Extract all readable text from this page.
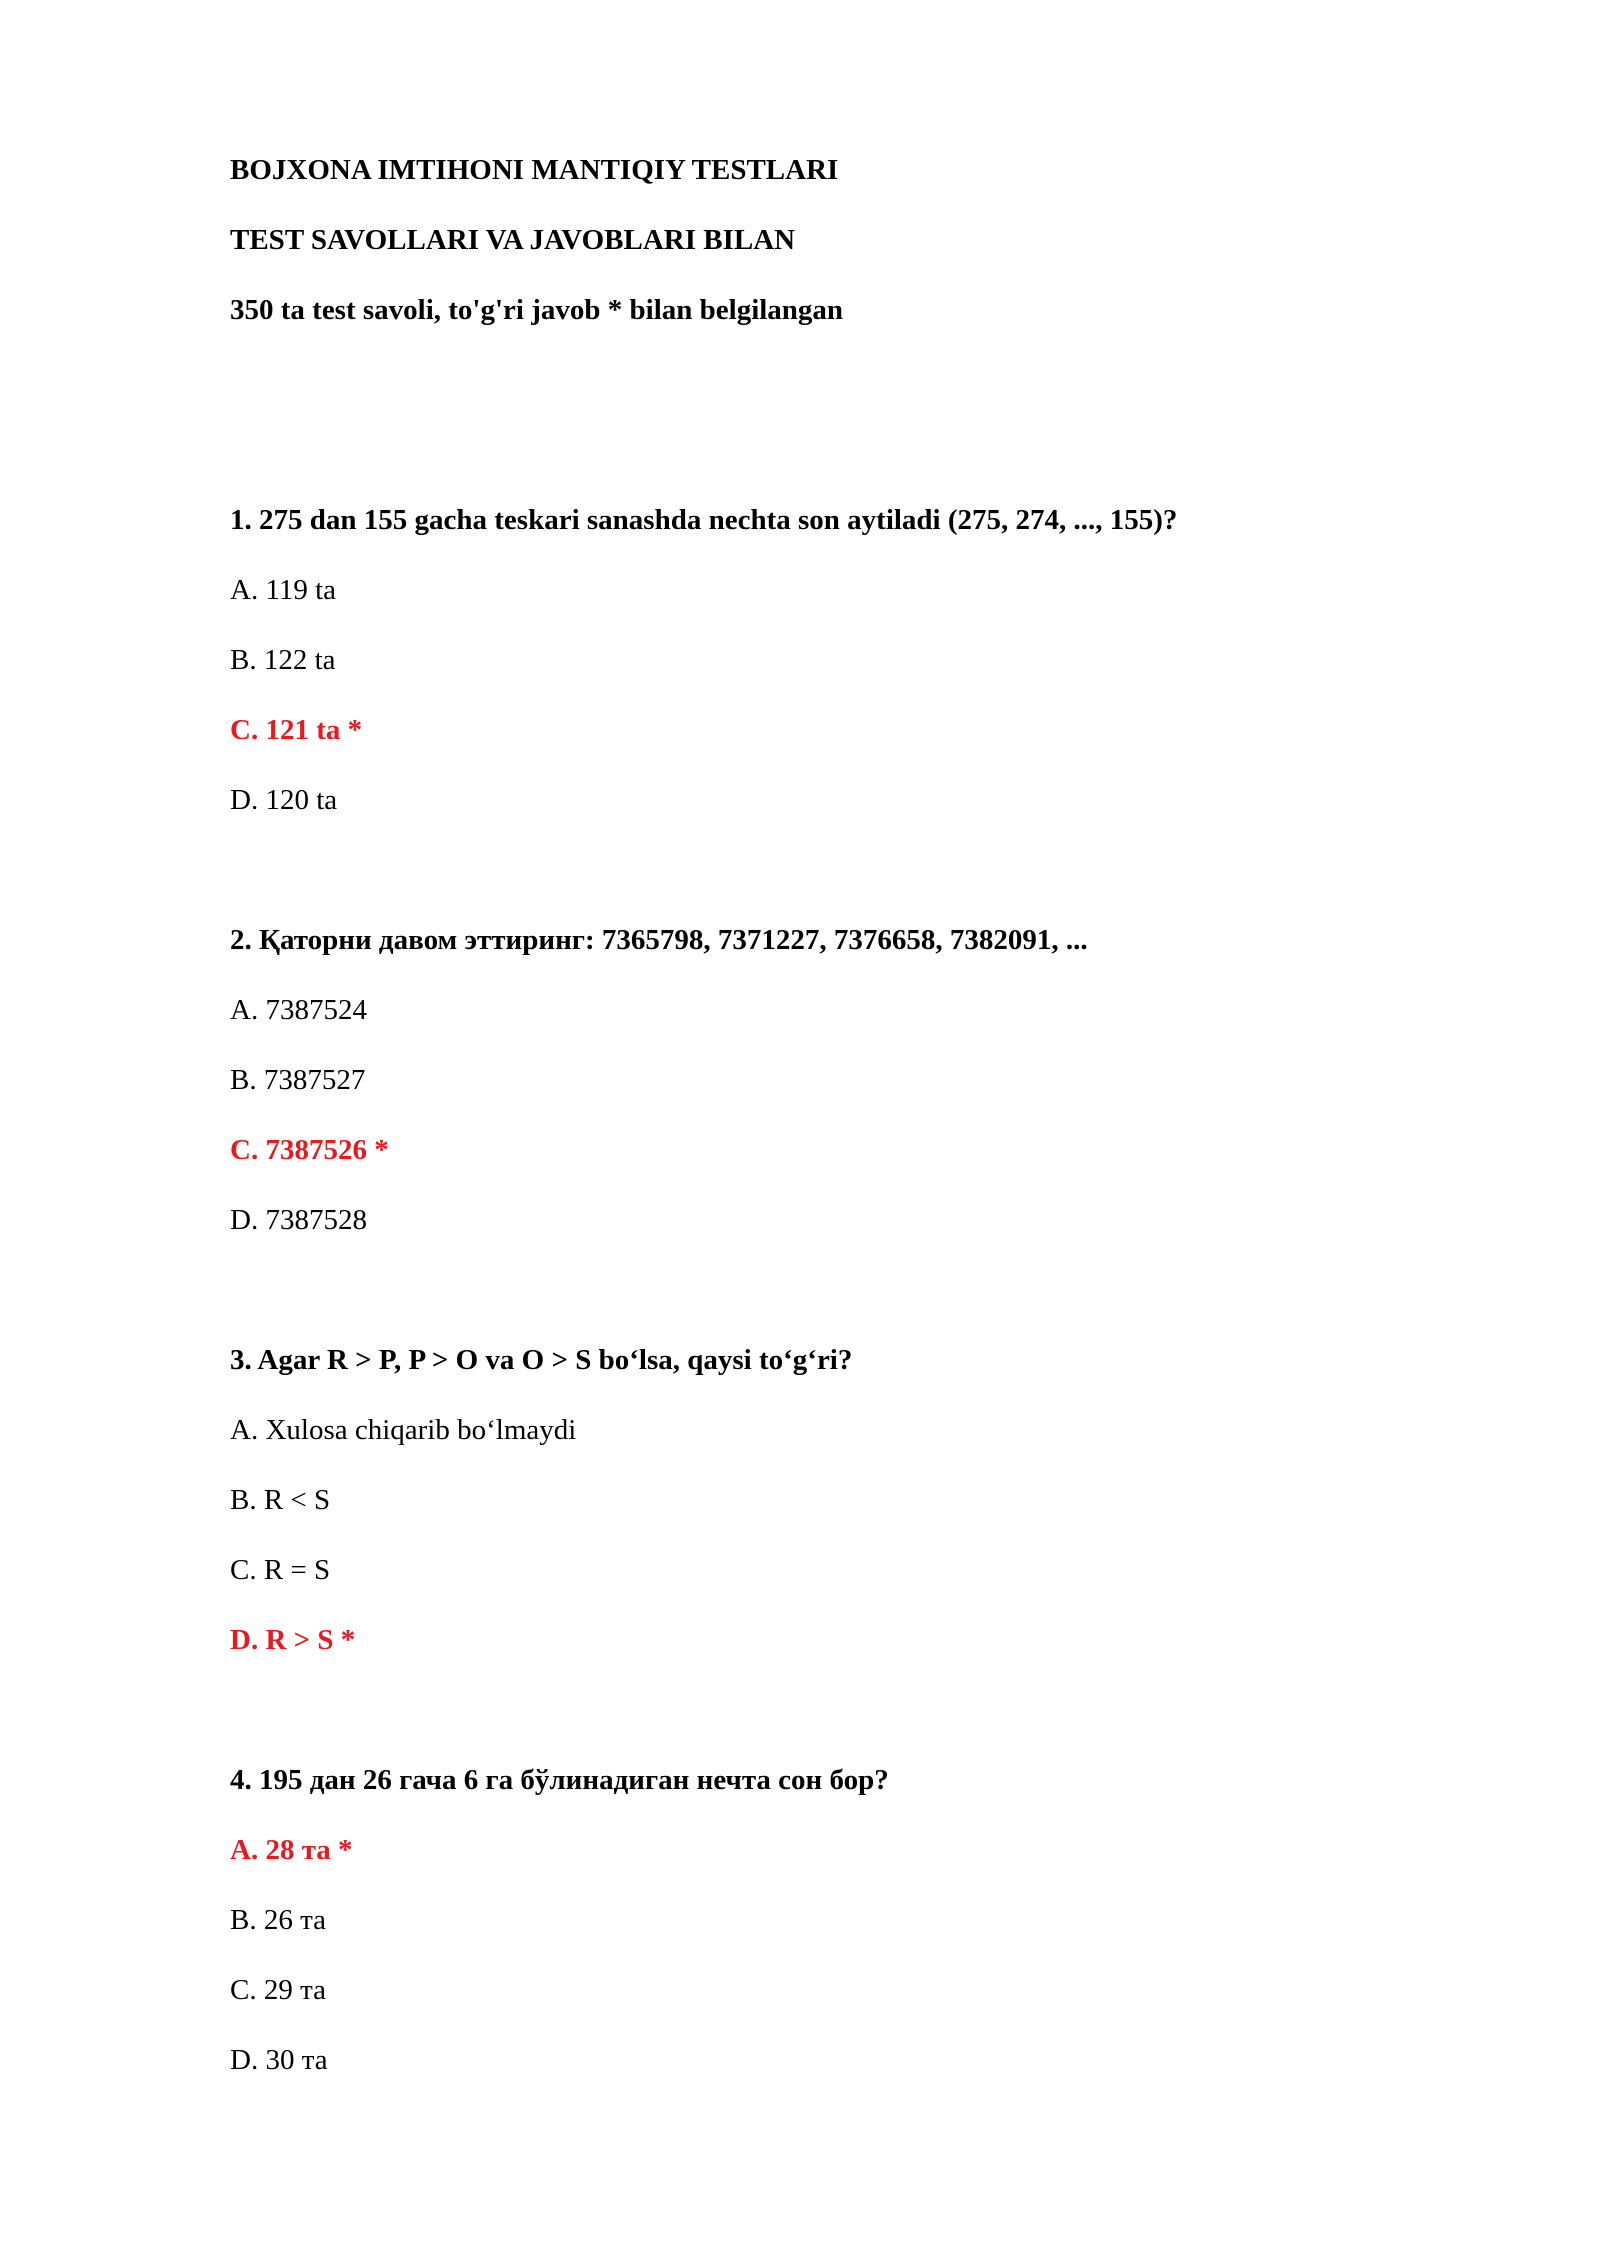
BOJXONA IMTIHONI MANTIQIY TESTLARI
TEST SAVOLLARI VA JAVOBLARI BILAN
350 ta test savoli, to'g'ri javob * bilan belgilangan
1. 275 dan 155 gacha teskari sanashda nechta son aytiladi (275, 274, ..., 155)?
A. 119 ta
B. 122 ta
C. 121 ta *
D. 120 ta
2. Қаторни давом эттиринг: 7365798, 7371227, 7376658, 7382091, ...
A. 7387524
B. 7387527
C. 7387526 *
D. 7387528
3. Agar R > P, P > O va O > S bo‘lsa, qaysi to‘g‘ri?
A. Xulosa chiqarib bo‘lmaydi
B. R < S
C. R = S
D. R > S *
4. 195 дан 26 гача 6 га бўлинадиган нечта сон бор?
A. 28 та *
B. 26 та
C. 29 та
D. 30 та
